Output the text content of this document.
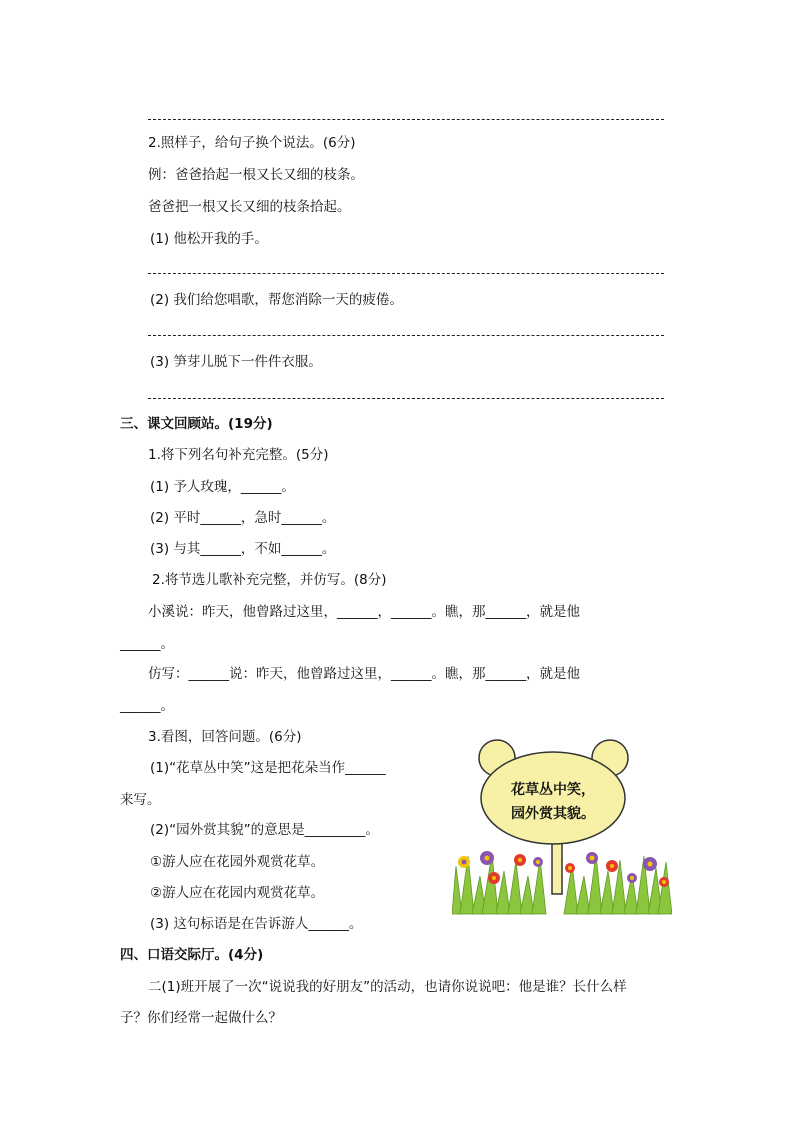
2.照样子，给句子换个说法。(6分)
例：爸爸拾起一根又长又细的枝条。
爸爸把一根又长又细的枝条拾起。
(1) 他松开我的手。
(2) 我们给您唱歌，帮您消除一天的疲倦。
(3) 笋芽儿脱下一件件衣服。
三、课文回顾站。(19分)
1.将下列名句补充完整。(5分)
(1) 予人玫瑰，______。
(2) 平时______，急时______。
(3) 与其______，不如______。
2.将节选儿歌补充完整，并仿写。(8分)
小溪说：昨天，他曾路过这里，______，______。瞧，那______，就是他
______。
仿写：______说：昨天，他曾路过这里，______。瞧，那______，就是他
______。
3.看图，回答问题。(6分)
(1)“花草丛中笑”这是把花朵当作______
来写。
(2)“园外赏其貌”的意思是_________。
①游人应在花园外观赏花草。
②游人应在花园内观赏花草。
(3) 这句标语是在告诉游人______。
花草丛中笑，
园外赏其貌。
四、口语交际厅。(4分)
二(1)班开展了一次“说说我的好朋友”的活动，也请你说说吧：他是谁？长什么样
子？你们经常一起做什么？
